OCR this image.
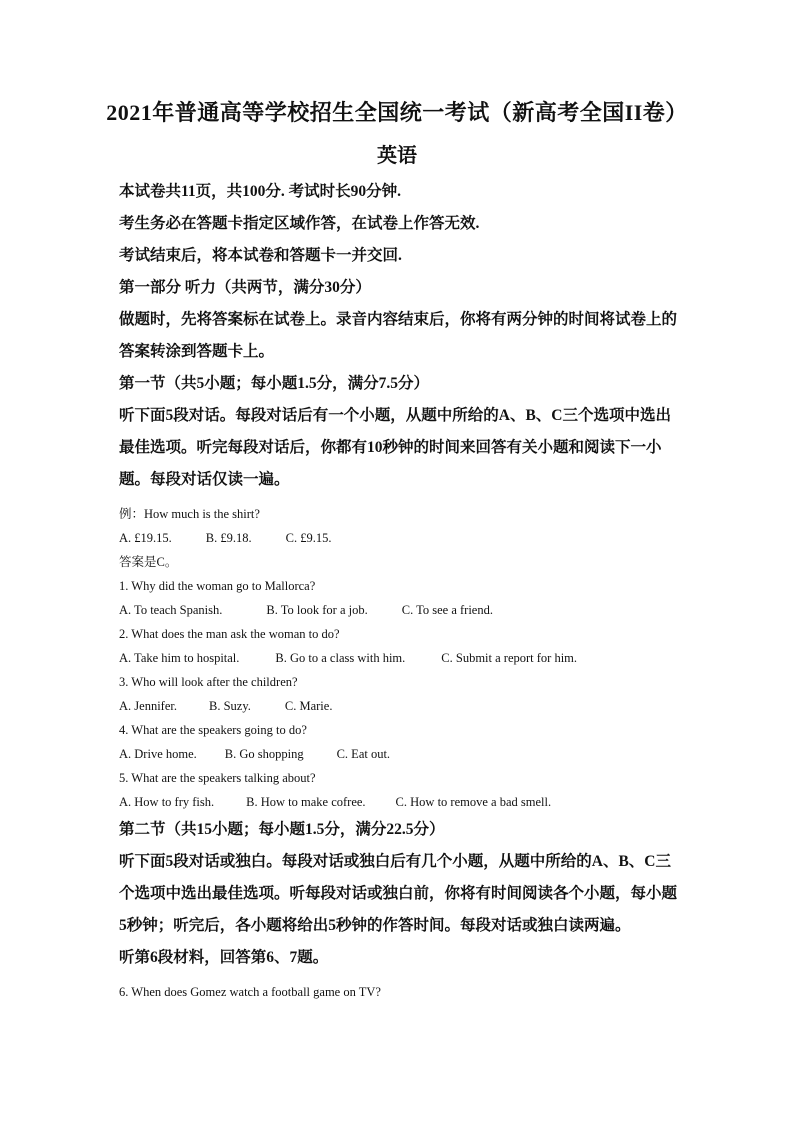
2021年普通高等学校招生全国统一考试（新高考全国II卷）
英语

本试卷共11页，共100分. 考试时长90分钟.

考生务必在答题卡指定区域作答，在试卷上作答无效.

考试结束后，将本试卷和答题卡一并交回.

第一部分 听力（共两节，满分30分）

做题时，先将答案标在试卷上。录音内容结束后，你将有两分钟的时间将试卷上的答案转涂到答题卡上。

第一节（共5小题；每小题1.5分，满分7.5分）

听下面5段对话。每段对话后有一个小题，从题中所给的A、B、C三个选项中选出最佳选项。听完每段对话后，你都有10秒钟的时间来回答有关小题和阅读下一小题。每段对话仅读一遍。

例：How much is the shirt?

A. £19.15.	B. £9.18.	C. £9.15.

答案是C。

1. Why did the woman go to Mallorca?

A. To teach Spanish.	B. To look for a job.	C. To see a friend.

2. What does the man ask the woman to do?

A. Take him to hospital.	B. Go to a class with him.	C. Submit a report for him.

3. Who will look after the children?

A. Jennifer.	B. Suzy.	C. Marie.

4. What are the speakers going to do?

A. Drive home. B. Go shopping	C. Eat out.

5. What are the speakers talking about?

A. How to fry fish.	B. How to make cofree. C. How to remove a bad smell.

第二节（共15小题；每小题1.5分，满分22.5分）

听下面5段对话或独白。每段对话或独白后有几个小题，从题中所给的A、B、C三个选项中选出最佳选项。听每段对话或独白前，你将有时间阅读各个小题，每小题5秒钟；听完后，各小题将给出5秒钟的作答时间。每段对话或独白读两遍。

听第6段材料，回答第6、7题。

6. When does Gomez watch a football game on TV?
